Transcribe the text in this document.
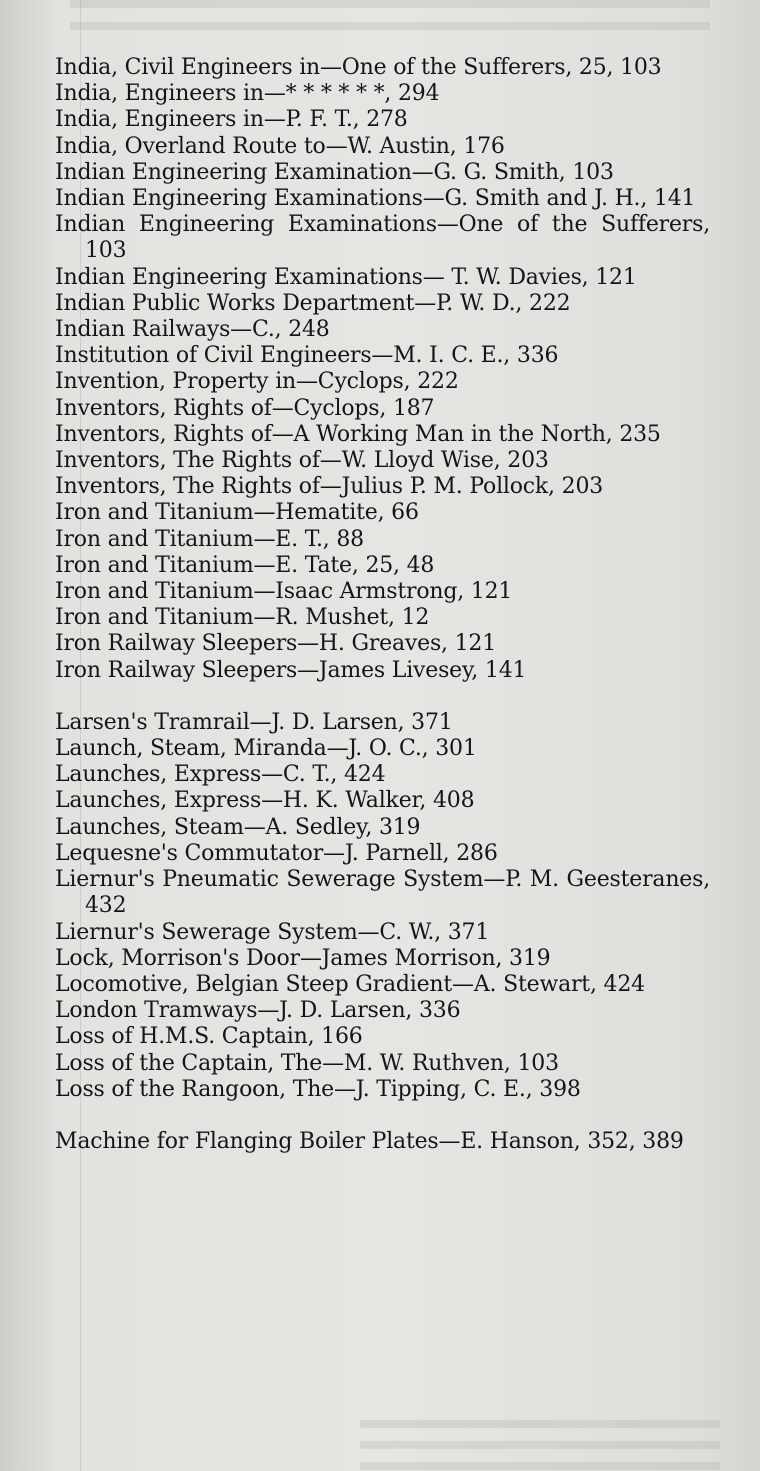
India, Civil Engineers in—One of the Sufferers, 25, 103

India, Engineers in—* * * * * *, 294

India, Engineers in—P. F. T., 278

India, Overland Route to—W. Austin, 176

Indian Engineering Examination—G. G. Smith, 103

Indian Engineering Examinations—G. Smith and J. H., 141

Indian Engineering Examinations—One of the Sufferers, 103

Indian Engineering Examinations— T. W. Davies, 121

Indian Public Works Department—P. W. D., 222

Indian Railways—C., 248

Institution of Civil Engineers—M. I. C. E., 336

Invention, Property in—Cyclops, 222

Inventors, Rights of—Cyclops, 187

Inventors, Rights of—A Working Man in the North, 235

Inventors, The Rights of—W. Lloyd Wise, 203

Inventors, The Rights of—Julius P. M. Pollock, 203

Iron and Titanium—Hematite, 66

Iron and Titanium—E. T., 88

Iron and Titanium—E. Tate, 25, 48

Iron and Titanium—Isaac Armstrong, 121

Iron and Titanium—R. Mushet, 12

Iron Railway Sleepers—H. Greaves, 121

Iron Railway Sleepers—James Livesey, 141

Larsen's Tramrail—J. D. Larsen, 371

Launch, Steam, Miranda—J. O. C., 301

Launches, Express—C. T., 424

Launches, Express—H. K. Walker, 408

Launches, Steam—A. Sedley, 319

Lequesne's Commutator—J. Parnell, 286

Liernur's Pneumatic Sewerage System—P. M. Geesteranes, 432

Liernur's Sewerage System—C. W., 371

Lock, Morrison's Door—James Morrison, 319

Locomotive, Belgian Steep Gradient—A. Stewart, 424

London Tramways—J. D. Larsen, 336

Loss of H.M.S. Captain, 166

Loss of the Captain, The—M. W. Ruthven, 103

Loss of the Rangoon, The—J. Tipping, C. E., 398

Machine for Flanging Boiler Plates—E. Hanson, 352, 389
